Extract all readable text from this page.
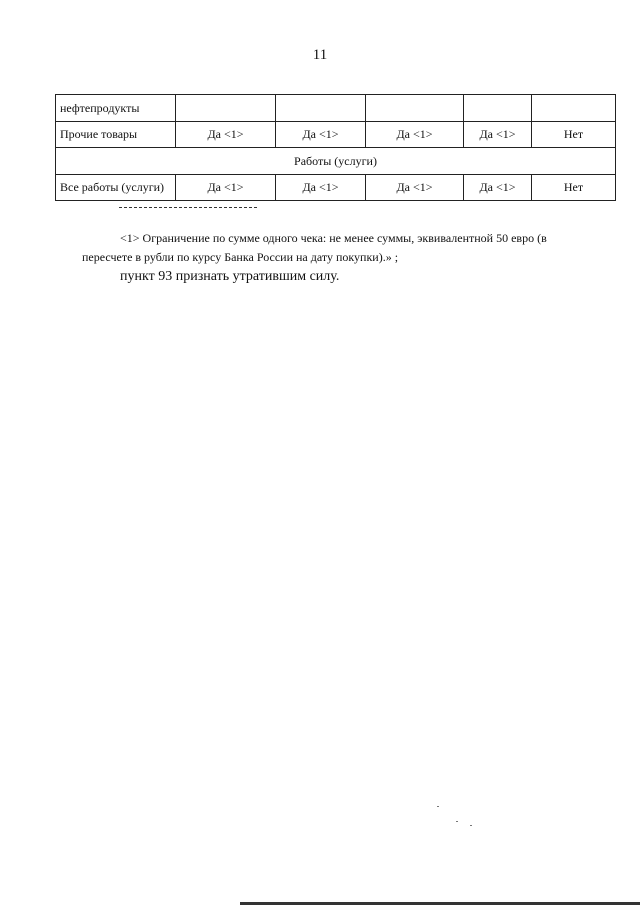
11
нефтепродукты					
Прочие товары	Да <1>	Да <1>	Да <1>	Да <1>	Нет
Работы (услуги)					
Все работы (услуги)	Да <1>	Да <1>	Да <1>	Да <1>	Нет
<1> Ограничение по сумме одного чека: не менее суммы, эквивалентной 50 евро (в
пересчете в рубли по курсу Банка России на дату покупки).» ;
пункт 93 признать утратившим силу.
